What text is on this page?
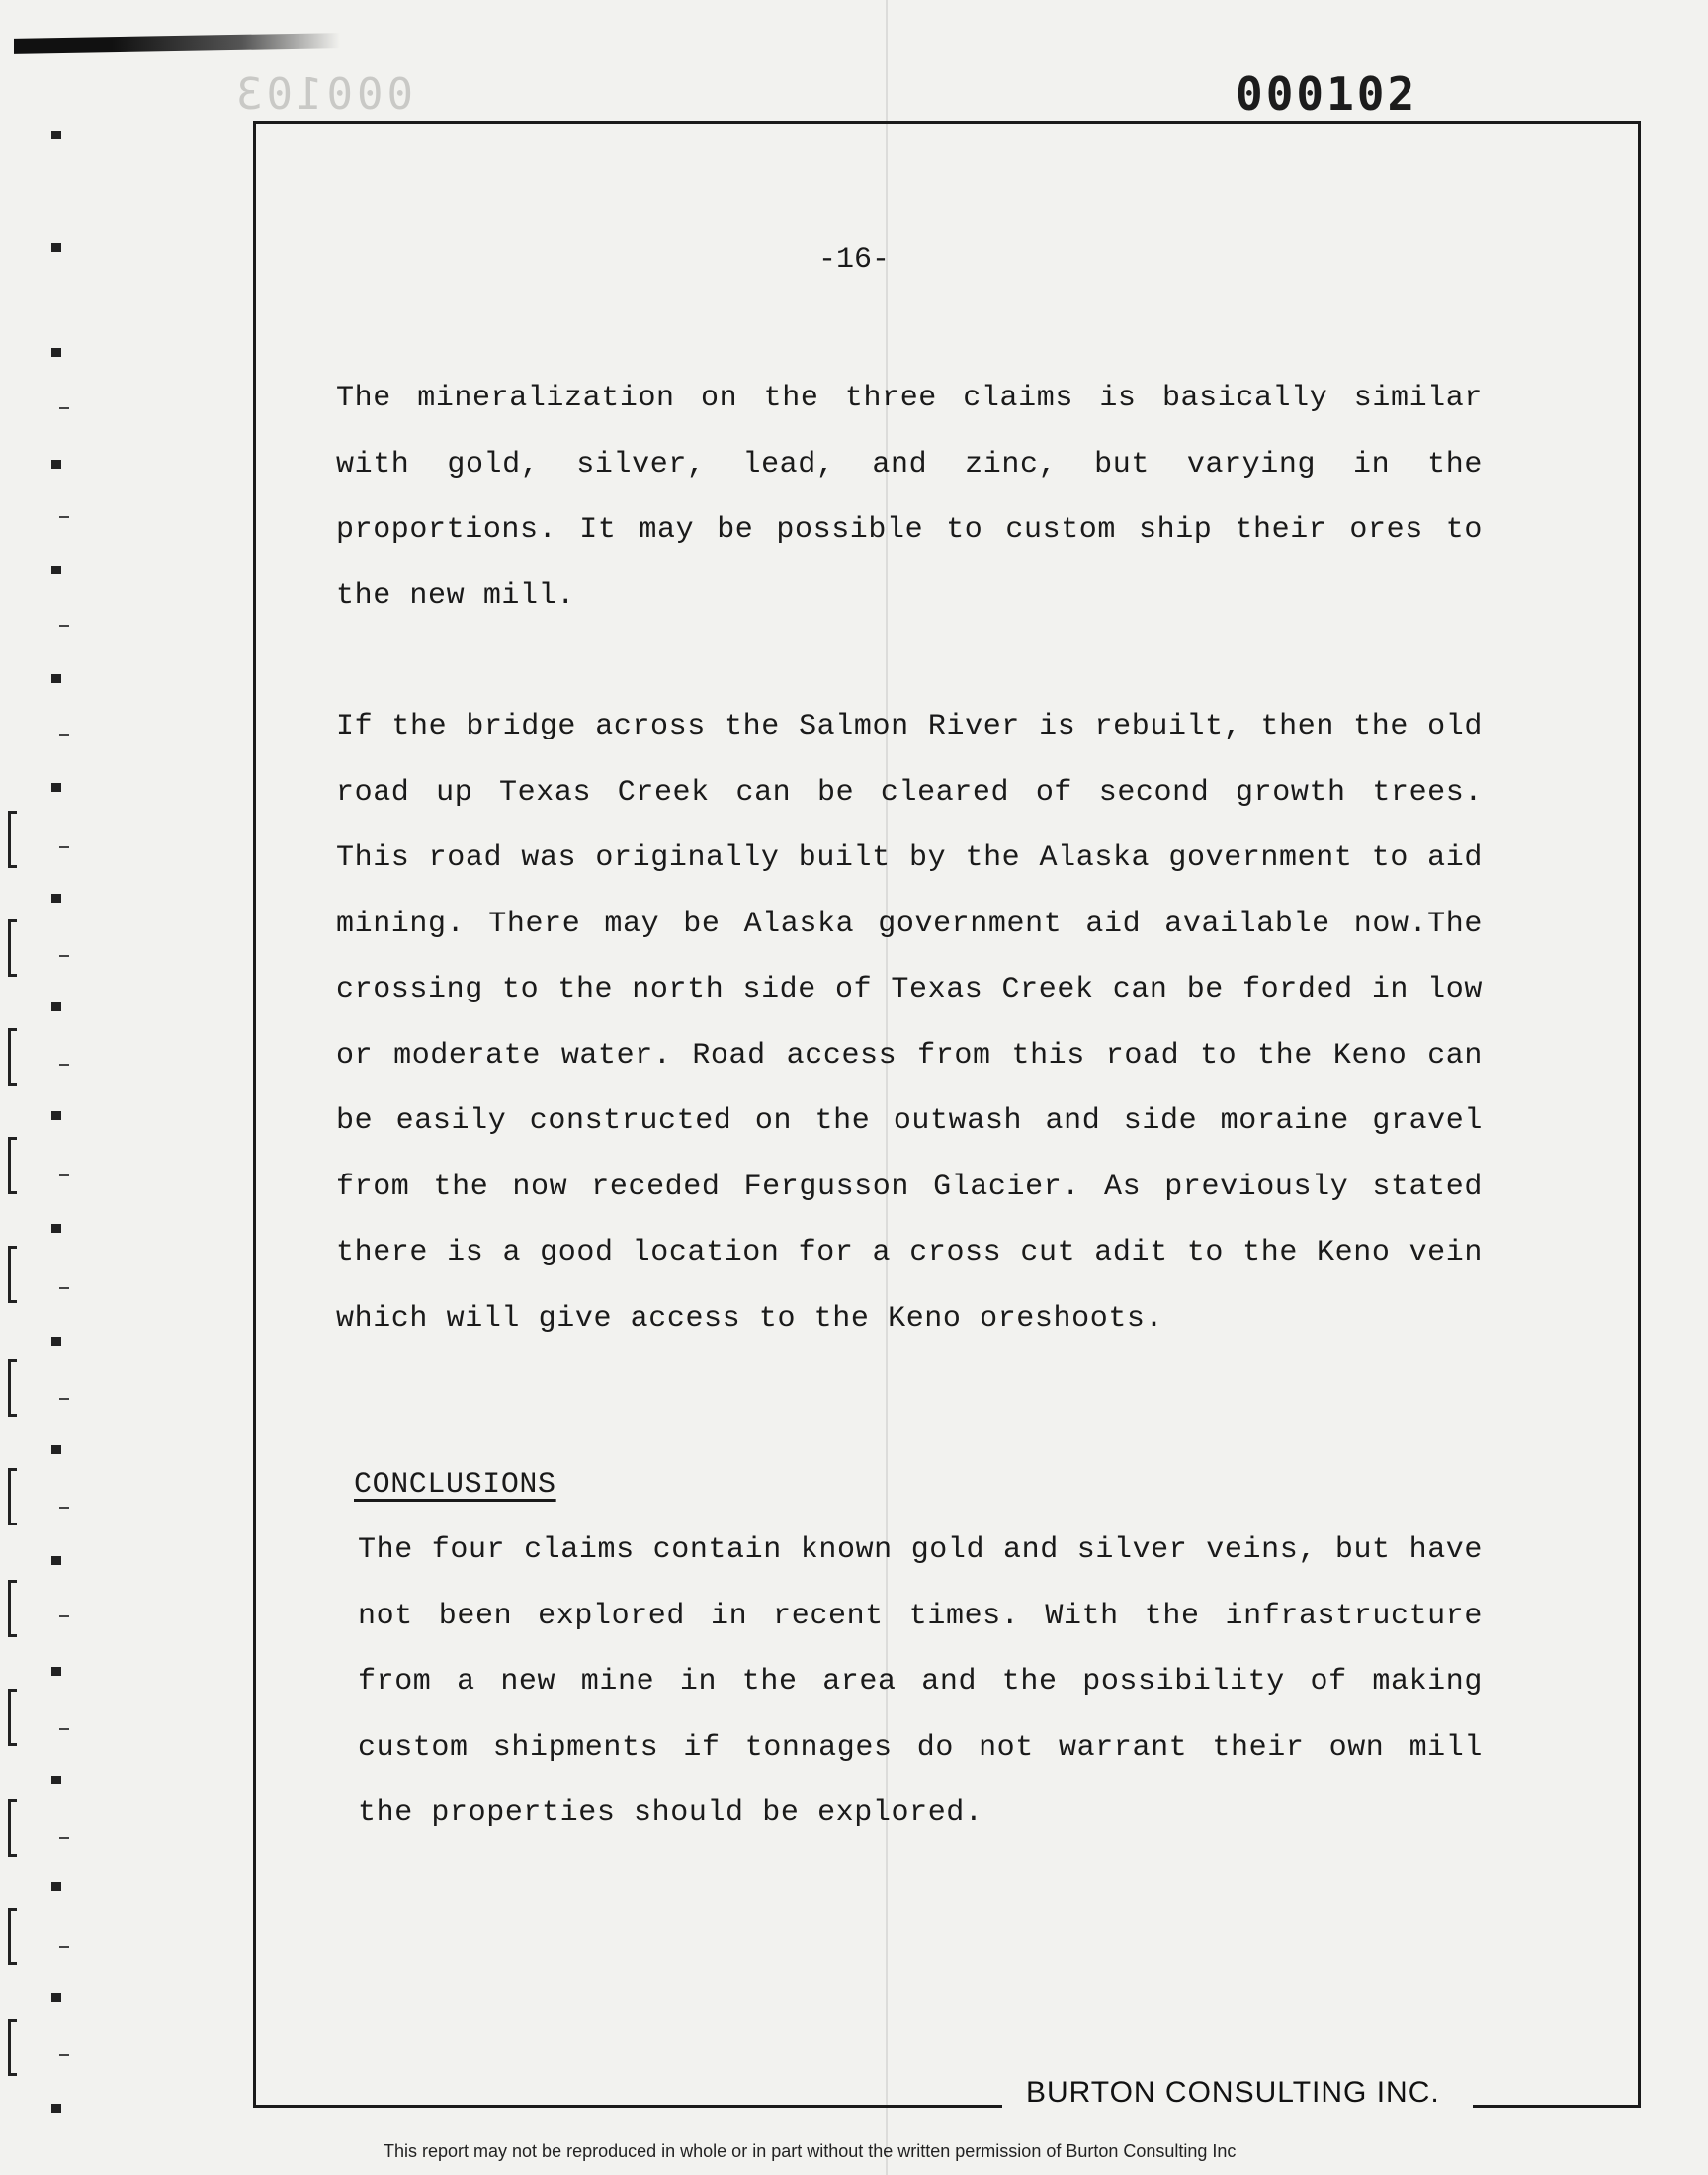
000103	000102
-16-

The mineralization on the three claims is basically similar with gold, silver, lead, and zinc, but varying in the proportions. It may be possible to custom ship their ores to the new mill.

If the bridge across the Salmon River is rebuilt, then the old road up Texas Creek can be cleared of second growth trees. This road was originally built by the Alaska government to aid mining. There may be Alaska government aid available now.The crossing to the north side of Texas Creek can be forded in low or moderate water. Road access from this road to the Keno can be easily constructed on the outwash and side moraine gravel from the now receded Fergusson Glacier. As previously stated there is a good location for a cross cut adit to the Keno vein which will give access to the Keno oreshoots.

CONCLUSIONS

The four claims contain known gold and silver veins, but have not been explored in recent times. With the infrastructure from a new mine in the area and the possibility of making custom shipments if tonnages do not warrant their own mill the properties should be explored.

BURTON CONSULTING INC.
This report may not be reproduced in whole or in part without the written permission of Burton Consulting Inc
